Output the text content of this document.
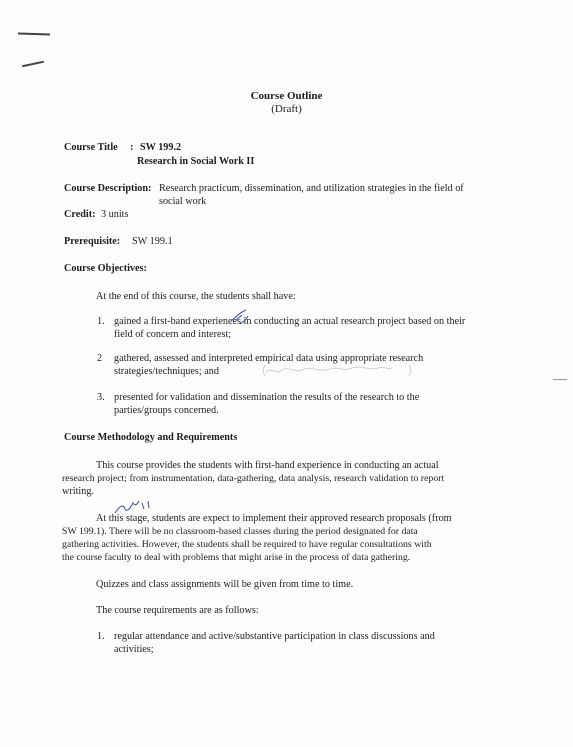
Course Outline
(Draft)
Course Title : SW 199.2
Research in Social Work II
Course Description: Research practicum, dissemination, and utilization strategies in the field of
social work
Credit: 3 units
Prerequisite: SW 199.1
Course Objectives:
At the end of this course, the students shall have:
1. gained a first-band experiences in conducting an actual research project based on their
field of concern and interest;
2 gathered, assessed and interpreted empirical data using appropriate research
strategies/techniques; and
3. presented for validation and dissemination the results of the research to the
parties/groups concerned.
Course Methodology and Requirements
This course provides the students with first-hand experience in conducting an actual
research project; from instrumentation, data-gathering, data analysis, research validation to report
writing.
At this stage, students are expect to implement their approved research proposals (from
SW 199.1). There will be no classroom-based classes during the period designated for data
gathering activities. However, the students shall be required to have regular consultations with
the course faculty to deal with problems that might arise in the process of data gathering.
Quizzes and class assignments will be given from time to time.
The course requirements are as follows:
1. regular attendance and active/substantive participation in class discussions and
activities;
